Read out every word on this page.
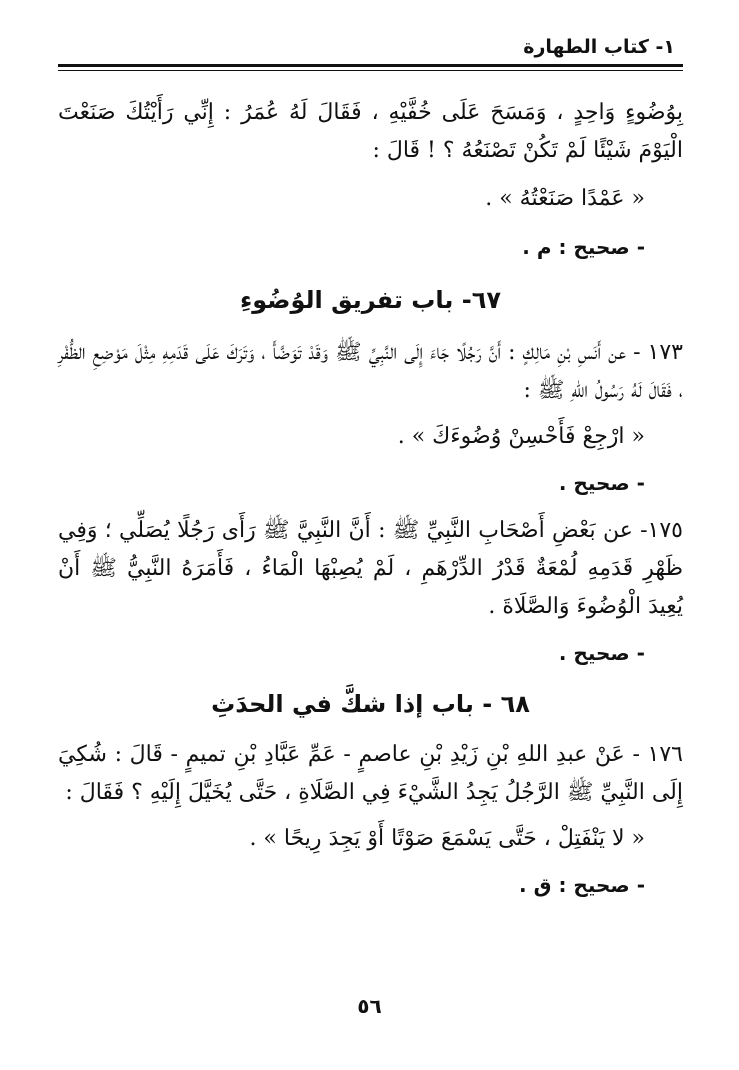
١- كتاب الطهارة

بِوُضُوءٍ وَاحِدٍ ، وَمَسَحَ عَلَى خُفَّيْهِ ، فَقَالَ لَهُ عُمَرُ : إِنِّي رَأَيْتُكَ صَنَعْتَ الْيَوْمَ شَيْئًا لَمْ تَكُنْ تَصْنَعُهُ ؟ ! قَالَ :

« عَمْدًا صَنَعْتُهُ » .

- صحيح : م .

٦٧- باب تفريق الوُضُوءِ

١٧٣ - عن أَنَسِ بْنِ مَالِكٍ : أَنَّ رَجُلًا جَاءَ إِلَى النَّبِيِّ ﷺ وَقَدْ تَوَضَّأَ ، وَتَرَكَ عَلَى قَدَمِهِ مِثْلَ مَوْضِعِ الظُّفْرِ ، فَقَالَ لَهُ رَسُولُ اللهِ ﷺ :

« ارْجِعْ فَأَحْسِنْ وُضُوءَكَ » .

- صحيح .

١٧٥- عن بَعْضِ أَصْحَابِ النَّبِيِّ ﷺ : أَنَّ النَّبِيَّ ﷺ رَأَى رَجُلًا يُصَلِّي ؛ وَفِي ظَهْرِ قَدَمِهِ لُمْعَةٌ قَدْرُ الدِّرْهَمِ ، لَمْ يُصِبْهَا الْمَاءُ ، فَأَمَرَهُ النَّبِيُّ ﷺ أَنْ يُعِيدَ الْوُضُوءَ وَالصَّلَاةَ .

- صحيح .

٦٨ - باب إذا شكَّ في الحدَثِ

١٧٦ - عَنْ عبدِ اللهِ بْنِ زَيْدِ بْنِ عاصمٍ - عَمِّ عَبَّادِ بْنِ تميمٍ - قَالَ : شُكِيَ إِلَى النَّبِيِّ ﷺ الرَّجُلُ يَجِدُ الشَّيْءَ فِي الصَّلَاةِ ، حَتَّى يُخَيَّلَ إِلَيْهِ ؟ فَقَالَ :

« لا يَنْفَتِلْ ، حَتَّى يَسْمَعَ صَوْتًا أَوْ يَجِدَ رِيحًا » .

- صحيح : ق .

٥٦
